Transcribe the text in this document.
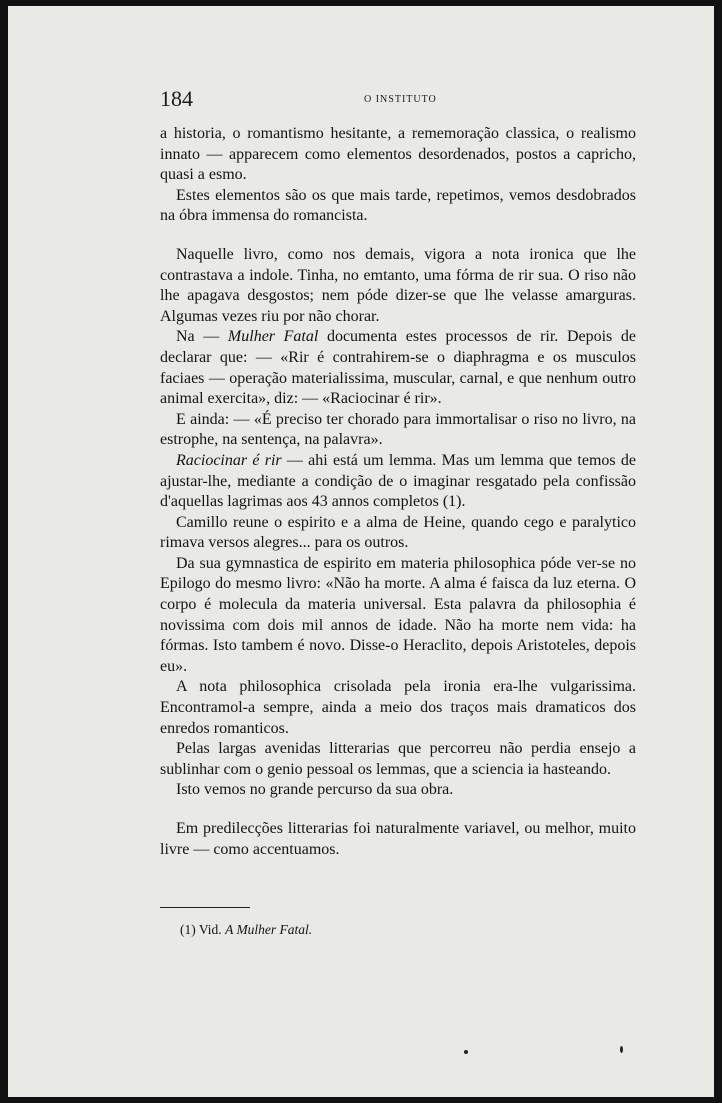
184	O INSTITUTO

a historia, o romantismo hesitante, a rememoração classica, o realismo innato — apparecem como elementos desordenados, postos a capricho, quasi a esmo.

Estes elementos são os que mais tarde, repetimos, vemos desdobrados na óbra immensa do romancista.

Naquelle livro, como nos demais, vigora a nota ironica que lhe contrastava a indole. Tinha, no emtanto, uma fórma de rir sua. O riso não lhe apagava desgostos; nem póde dizer-se que lhe velasse amarguras. Algumas vezes riu por não chorar.

Na — Mulher Fatal documenta estes processos de rir. Depois de declarar que: — «Rir é contrahirem-se o diaphragma e os musculos faciaes — operação materialissima, muscular, carnal, e que nenhum outro animal exercita», diz: — «Raciocinar é rir».

E ainda: — «É preciso ter chorado para immortalisar o riso no livro, na estrophe, na sentença, na palavra».

Raciocinar é rir — ahi está um lemma. Mas um lemma que temos de ajustar-lhe, mediante a condição de o imaginar resgatado pela confissão d'aquellas lagrimas aos 43 annos completos (1).

Camillo reune o espirito e a alma de Heine, quando cego e paralytico rimava versos alegres... para os outros.

Da sua gymnastica de espirito em materia philosophica póde ver-se no Epilogo do mesmo livro: «Não ha morte. A alma é faisca da luz eterna. O corpo é molecula da materia universal. Esta palavra da philosophia é novissima com dois mil annos de idade. Não ha morte nem vida: ha fórmas. Isto tambem é novo. Disse-o Heraclito, depois Aristoteles, depois eu».

A nota philosophica crisolada pela ironia era-lhe vulgarissima. Encontramol-a sempre, ainda a meio dos traços mais dramaticos dos enredos romanticos.

Pelas largas avenidas litterarias que percorreu não perdia ensejo a sublinhar com o genio pessoal os lemmas, que a sciencia ia hasteando.

Isto vemos no grande percurso da sua obra.

Em predilecções litterarias foi naturalmente variavel, ou melhor, muito livre — como accentuamos.

(1) Vid. A Mulher Fatal.
